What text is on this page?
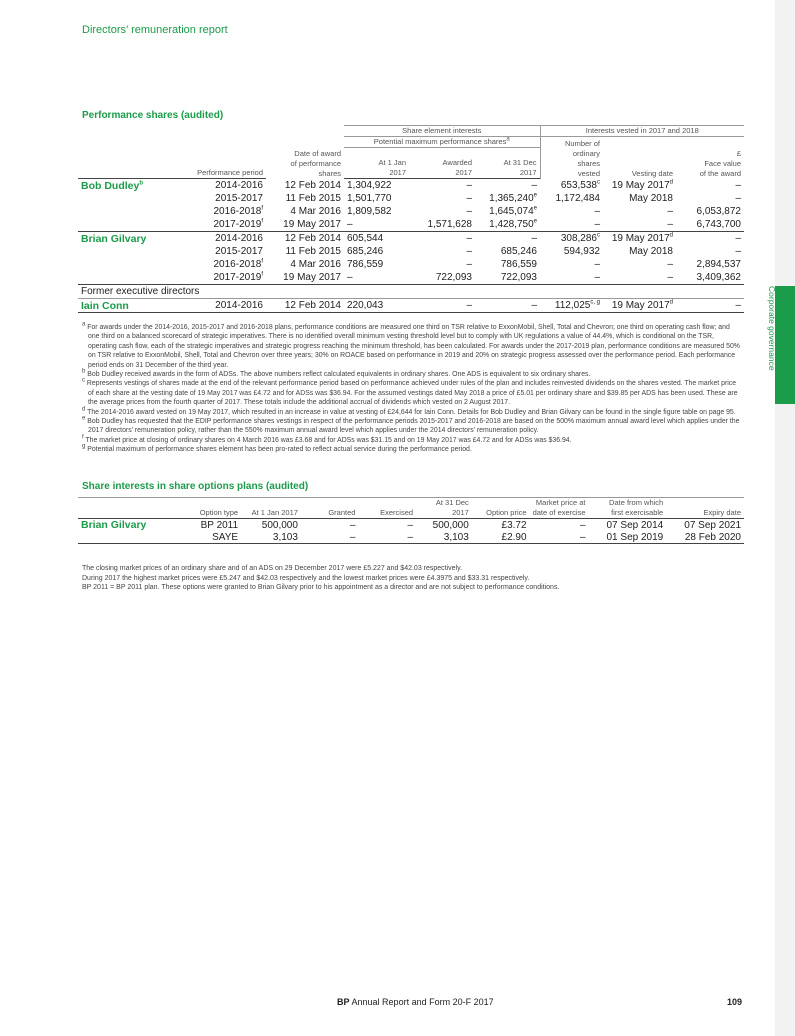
Corporate governance
Directors’ remuneration report
Performance shares (audited)
			Share element interests			Interests vested in 2017 and 2018		
		Date of award
of performance
shares	Potential maximum performance shares$^a$			Number of
ordinary
shares
vested	Vesting date	£
Face value
of the award

			At 1 Jan	Awarded	At 31 Dec			
	Performance period		2017	2017	2017			
Bob Dudley$^b$	2014-2016	12 Feb 2014	1,304,922	–	–	653,538$^c$	19 May 2017$^d$	–
	2015-2017	11 Feb 2015	1,501,770	–	1,365,240e	1,172,484	May 2018	–
	2016-2018$^f$	4 Mar 2016	1,809,582	–	1,645,074e	–	–	6,053,872
	2017-2019$^f$	19 May 2017	–	1,571,628	1,428,750e	–	–	6,743,700
Brian Gilvary	2014-2016	12 Feb 2014	605,544	–	–	308,286$^c$	19 May 2017$^d$	–
	2015-2017	11 Feb 2015	685,246	–	685,246	594,932	May 2018	–
	2016-2018$^f$	4 Mar 2016	786,559	–	786,559	–	–	2,894,537
	2017-2019$^f$	19 May 2017	–	722,093	722,093	–	–	3,409,362
Former executive directors								
Iain Conn	2014-2016	12 Feb 2014	220,043	–	–	112,025$^{c, g}$	19 May 2017$^d$	–

$^a$ For awards under the 2014-2016, 2015-2017 and 2016-2018 plans, performance conditions are measured one third on TSR relative to ExxonMobil, Shell, Total and Chevron; one third on operating cash flow; and one third on a balanced scorecard of strategic imperatives. There is no identified overall minimum vesting threshold level but to comply with UK regulations a value of 44.4%, which is conditional on the TSR, operating cash flow, each of the strategic imperatives and strategic progress reaching the minimum threshold, has been calculated. For awards under the 2017-2019 plan, performance conditions are measured 50% on TSR relative to ExxonMobil, Shell, Total and Chevron over three years; 30% on ROACE based on performance in 2019 and 20% on strategic progress assessed over the performance period. Each performance period ends on 31 December of the third year.

$^b$ Bob Dudley received awards in the form of ADSs. The above numbers reflect calculated equivalents in ordinary shares. One ADS is equivalent to six ordinary shares.

$^c$ Represents vestings of shares made at the end of the relevant performance period based on performance achieved under rules of the plan and includes reinvested dividends on the shares vested. The market price of each share at the vesting date of 19 May 2017 was £4.72 and for ADSs was $36.94. For the assumed vestings dated May 2018 a price of £5.01 per ordinary share and $39.85 per ADS has been used. These are the average prices from the fourth quarter of 2017. These totals include the additional accrual of dividends which vested on 2 August 2017.

$^d$ The 2014-2016 award vested on 19 May 2017, which resulted in an increase in value at vesting of £24,644 for Iain Conn. Details for Bob Dudley and Brian Gilvary can be found in the single figure table on page 95.

$^e$ Bob Dudley has requested that the EDIP performance shares vestings in respect of the performance periods 2015-2017 and 2016-2018 are based on the 500% maximum annual award level which applies under the 2017 directors’ remuneration policy, rather than the 550% maximum annual award level which applies under the 2014 directors’ remuneration policy.

$^f$ The market price at closing of ordinary shares on 4 March 2016 was £3.68 and for ADSs was $31.15 and on 19 May 2017 was £4.72 and for ADSs was $36.94.

$^g$ Potential maximum of performance shares element has been pro-rated to reflect actual service during the performance period.

Share interests in share options plans (audited)
	Option type	At 1 Jan 2017	Granted	Exercised	At 31 Dec
2017	Option price	Market price at
date of exercise	Date from which
first exercisable	Expiry date
Brian Gilvary	BP 2011	500,000	–	–	500,000	£3.72	–	07 Sep 2014	07 Sep 2021
	SAYE	3,103	–	–	3,103	£2.90	–	01 Sep 2019	28 Feb 2020

The closing market prices of an ordinary share and of an ADS on 29 December 2017 were £5.227 and $42.03 respectively.

During 2017 the highest market prices were £5.247 and $42.03 respectively and the lowest market prices were £4.3975 and $33.31 respectively.

BP 2011 = BP 2011 plan. These options were granted to Brian Gilvary prior to his appointment as a director and are not subject to performance conditions.

BP Annual Report and Form 20-F 2017	109
